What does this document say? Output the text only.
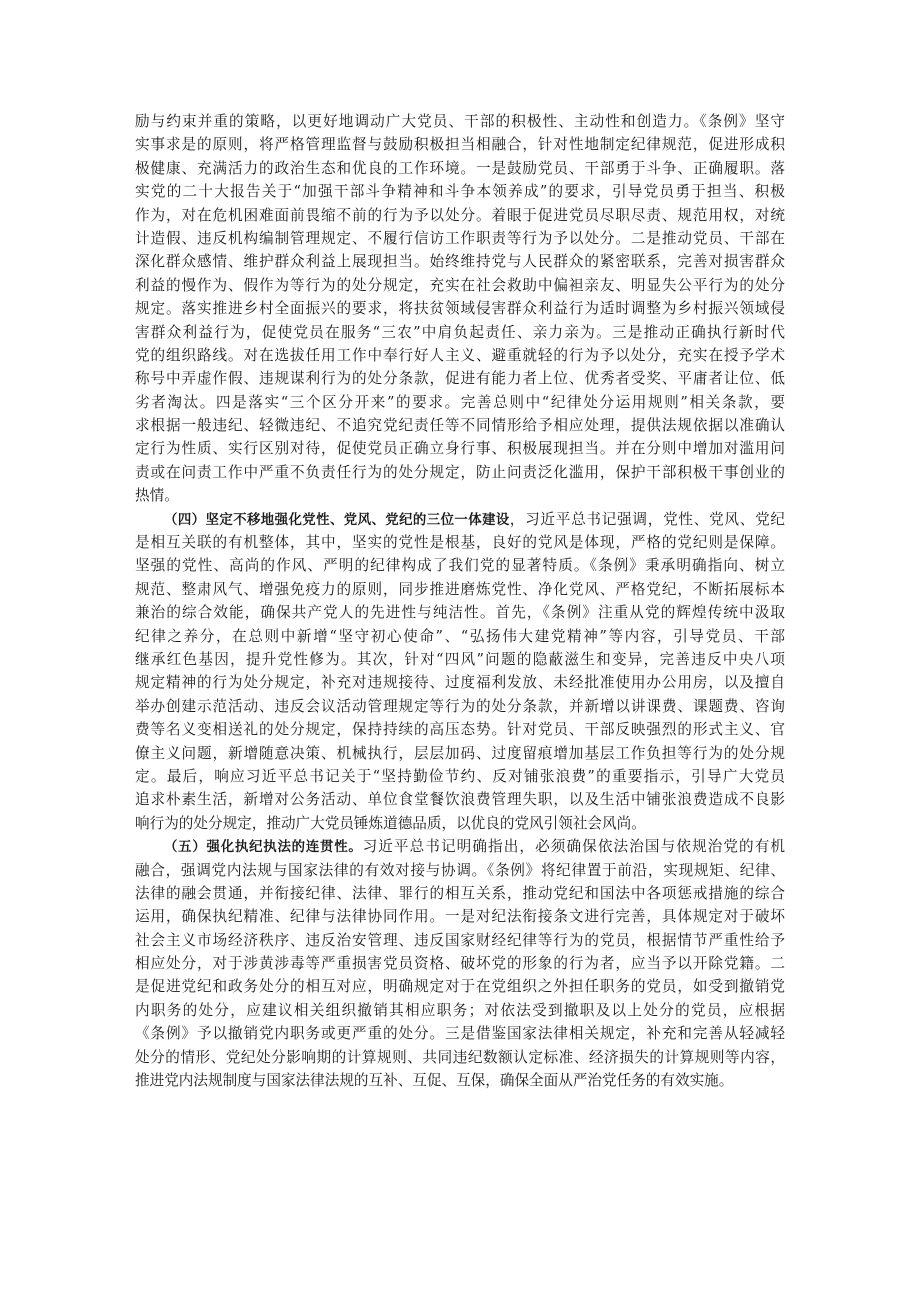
励与约束并重的策略，以更好地调动广大党员、干部的积极性、主动性和创造力。《条例》坚守
实事求是的原则，将严格管理监督与鼓励积极担当相融合，针对性地制定纪律规范，促进形成积
极健康、充满活力的政治生态和优良的工作环境。一是鼓励党员、干部勇于斗争、正确履职。落
实党的二十大报告关于“加强干部斗争精神和斗争本领养成”的要求，引导党员勇于担当、积极
作为，对在危机困难面前畏缩不前的行为予以处分。着眼于促进党员尽职尽责、规范用权，对统
计造假、违反机构编制管理规定、不履行信访工作职责等行为予以处分。二是推动党员、干部在
深化群众感情、维护群众利益上展现担当。始终维持党与人民群众的紧密联系，完善对损害群众
利益的慢作为、假作为等行为的处分规定，充实在社会救助中偏袒亲友、明显失公平行为的处分
规定。落实推进乡村全面振兴的要求，将扶贫领域侵害群众利益行为适时调整为乡村振兴领域侵
害群众利益行为，促使党员在服务“三农”中肩负起责任、亲力亲为。三是推动正确执行新时代
党的组织路线。对在选拔任用工作中奉行好人主义、避重就轻的行为予以处分，充实在授予学术
称号中弄虚作假、违规谋利行为的处分条款，促进有能力者上位、优秀者受奖、平庸者让位、低
劣者淘汰。四是落实“三个区分开来”的要求。完善总则中“纪律处分运用规则”相关条款，要
求根据一般违纪、轻微违纪、不追究党纪责任等不同情形给予相应处理，提供法规依据以准确认
定行为性质、实行区别对待，促使党员正确立身行事、积极展现担当。并在分则中增加对滥用问
责或在问责工作中严重不负责任行为的处分规定，防止问责泛化滥用，保护干部积极干事创业的
热情。
（四）坚定不移地强化党性、党风、党纪的三位一体建设，习近平总书记强调，党性、党风、党纪
是相互关联的有机整体，其中，坚实的党性是根基，良好的党风是体现，严格的党纪则是保障。
坚强的党性、高尚的作风、严明的纪律构成了我们党的显著特质。《条例》秉承明确指向、树立
规范、整肃风气、增强免疫力的原则，同步推进磨炼党性、净化党风、严格党纪，不断拓展标本
兼治的综合效能，确保共产党人的先进性与纯洁性。首先，《条例》注重从党的辉煌传统中汲取
纪律之养分，在总则中新增“坚守初心使命”、“弘扬伟大建党精神”等内容，引导党员、干部
继承红色基因，提升党性修为。其次，针对“四风”问题的隐蔽滋生和变异，完善违反中央八项
规定精神的行为处分规定，补充对违规接待、过度福利发放、未经批准使用办公用房，以及擅自
举办创建示范活动、违反会议活动管理规定等行为的处分条款，并新增以讲课费、课题费、咨询
费等名义变相送礼的处分规定，保持持续的高压态势。针对党员、干部反映强烈的形式主义、官
僚主义问题，新增随意决策、机械执行，层层加码、过度留痕增加基层工作负担等行为的处分规
定。最后，响应习近平总书记关于“坚持勤俭节约、反对铺张浪费”的重要指示，引导广大党员
追求朴素生活，新增对公务活动、单位食堂餐饮浪费管理失职，以及生活中铺张浪费造成不良影
响行为的处分规定，推动广大党员锤炼道德品质，以优良的党风引领社会风尚。
（五）强化执纪执法的连贯性。习近平总书记明确指出，必须确保依法治国与依规治党的有机
融合，强调党内法规与国家法律的有效对接与协调。《条例》将纪律置于前沿，实现规矩、纪律、
法律的融会贯通，并衔接纪律、法律、罪行的相互关系，推动党纪和国法中各项惩戒措施的综合
运用，确保执纪精准、纪律与法律协同作用。一是对纪法衔接条文进行完善，具体规定对于破坏
社会主义市场经济秩序、违反治安管理、违反国家财经纪律等行为的党员，根据情节严重性给予
相应处分，对于涉黄涉毒等严重损害党员资格、破坏党的形象的行为者，应当予以开除党籍。二
是促进党纪和政务处分的相互对应，明确规定对于在党组织之外担任职务的党员，如受到撤销党
内职务的处分，应建议相关组织撤销其相应职务；对依法受到撤职及以上处分的党员，应根据
《条例》予以撤销党内职务或更严重的处分。三是借鉴国家法律相关规定，补充和完善从轻减轻
处分的情形、党纪处分影响期的计算规则、共同违纪数额认定标准、经济损失的计算规则等内容，
推进党内法规制度与国家法律法规的互补、互促、互保，确保全面从严治党任务的有效实施。
